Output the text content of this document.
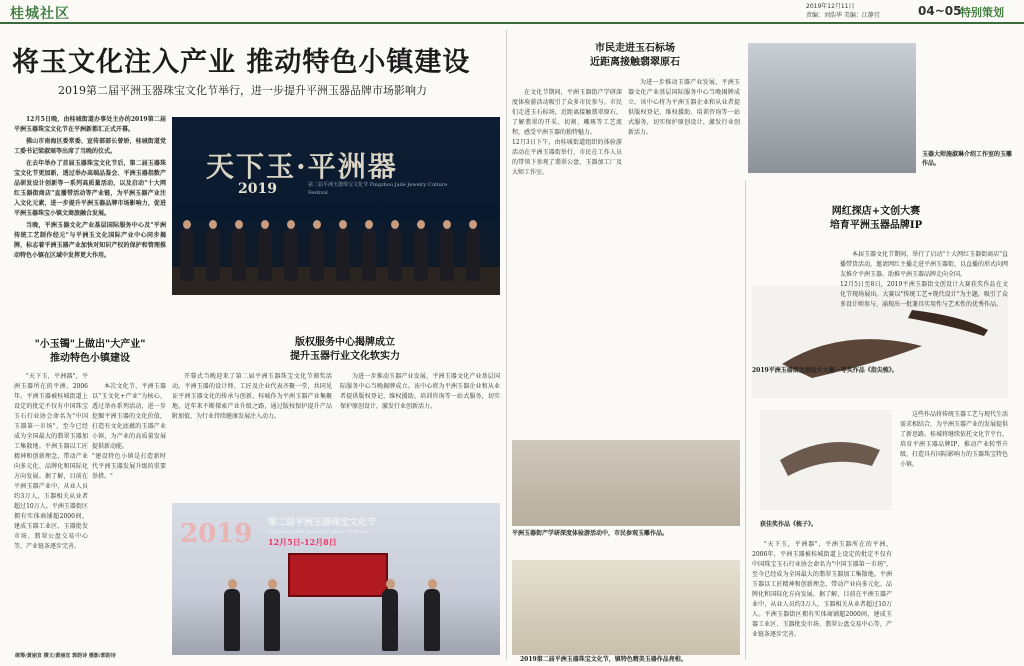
桂城社区	2019年12月11日
责编：刘浩华 美编：江静宜	04~05
特别策划
将玉文化注入产业 推动特色小镇建设
2019第二届平洲玉器珠宝文化节举行，进一步提升平洲玉器品牌市场影响力

12月5日晚，由桂城街道办事处主办的2019第二届平洲玉器珠宝文化节在平洲新都汇正式开幕。

佛山市南海区委常委、宣传部部长曾娇，桂城街道党工委书记梁淑瑶等出席了当晚的仪式。

在去年举办了首届玉器珠宝文化节后，第二届玉器珠宝文化节更加新，透过举办高端品鉴会、平洲玉器指数产品研发设计创新等一系列高质量活动，以及启动"十大网红玉器街商店"直播带活动等产业链，为平洲玉器产业注入文化元素，进一步提升平洲玉器品牌市场影响力，促进平洲玉器珠宝小镇文商旅融合发展。

当晚，平洲玉器文化产业基层国际服务中心及"平洲传统工艺制作经元"与平洲玉文化国际产业中心同步揭牌，标志着平洲玉器产业加快对知识产权的保护和管理推动特色小镇在区域中发挥更大作用。

天下玉·平洲器
2019	第二届平洲玉器珠宝文化节 Pingzhou Jade Jewelry Culture Festival
"小玉镯"上做出"大产业"
推动特色小镇建设

"天下玉，平洲器"，平洲玉器所在的平洲，2006年，平洲玉器被桂城街道上设定的批定不仅有中国珠宝玉石行业协会命名为"中国玉器第一市场"，至今已经成为全国最大的翡翠玉器加工集散地。平洲玉器以工匠精神和创新理念，带动产业向多元化、品牌化和国际化方向发展。据了解，目前在平洲玉器产业中，从业人员约3万人，玉器相关从业者超过10万人。平洲玉器街区拥有实体商铺超2000间，建成玉器工业区、玉器批发市场、翡翠公盘交易中心等，产业链条逐步完善。

本次文化节，平洲玉器以"玉文化+产业"为核心，透过举办系列活动，进一步挖掘平洲玉器的文化价值，打造有文化底蕴的玉器产业小镇，为产业的高质量发展提供新动能。
"建设特色小镇是打造新时代平洲玉器发展升级的重要举措。"

版权服务中心揭牌成立
提升玉器行业文化软实力

开幕式当晚迎来了第二届平洲玉器珠宝文化节颁奖活动。平洲玉器的设计师、工匠及企业代表齐聚一堂，共同见证平洲玉器文化的传承与创新。桂城作为平洲玉器产业集聚地，近年来不断探索产业升级之路，通过版权保护提升产品附加值，为行业持续健康发展注入动力。

为进一步推动玉器产业发展，平洲玉器文化产业基层国际服务中心当晚揭牌成立。该中心将为平洲玉器企业和从业者提供版权登记、维权援助、培训咨询等一站式服务，切实保护原创设计，激发行业创新活力。

2019 第二届平洲玉器珠宝文化节
Pingzhou Jade Jewelry Culture Festival
12月5日-12月8日
市民走进玉石标场
近距离接触翡翠原石

在文化节期间，平洲玉器街产学研深度体验游活动吸引了众多市民参与。市民们走进玉石标场，近距离接触翡翠原石，了解翡翠的开采、切割、雕琢等工艺流程，感受平洲玉器的独特魅力。
12月3日下午，由桂城街道组织的体验游活动在平洲玉器街举行，市民在工作人员的带领下参观了翡翠公盘、玉器加工厂及大师工作室。

为进一步推动玉器产业发展，平洲玉器文化产业基层国际服务中心当晚揭牌成立。该中心将为平洲玉器企业和从业者提供版权登记、维权援助、培训咨询等一站式服务，切实保护原创设计，激发行业创新活力。

平洲玉器街产学研深度体验游活动中，市民参观玉雕作品。
2019第二届平洲玉器珠宝文化节，镇特色精美玉器作品亮相。
玉器大师施淑琳介绍工作室的玉雕作品。
网红探店+文创大赛
培育平洲玉器品牌IP
2019平洲玉器街文创设计大赛一等奖作品《指尖梳》。
获佳奖作品《梳子》。

本届玉器文化节期间，举行了启动"十大网红玉器街商店"直播带货活动，邀请网红主播走进平洲玉器街，以直播的形式向网友推介平洲玉器，助推平洲玉器品牌走向全国。
12月5日至8日，2019平洲玉器街文创设计大赛获奖作品在文化节现场展出。大赛以"传统工艺+现代设计"为主题，吸引了众多设计师参与，涌现出一批兼具实用性与艺术性的优秀作品。

这些作品将传统玉器工艺与现代生活需求相结合，为平洲玉器产业的发展提供了新思路。桂城将继续依托文化节平台，培育平洲玉器品牌IP，推动产业转型升级，打造具有国际影响力的玉器珠宝特色小镇。

"天下玉，平洲器"，平洲玉器所在的平洲，2006年，平洲玉器被桂城街道上设定的批定不仅有中国珠宝玉石行业协会命名为"中国玉器第一市场"，至今已经成为全国最大的翡翠玉器加工集散地。平洲玉器以工匠精神和创新理念，带动产业向多元化、品牌化和国际化方向发展。据了解，目前在平洲玉器产业中，从业人员约3万人，玉器相关从业者超过10万人。平洲玉器街区拥有实体商铺超2000间，建成玉器工业区、玉器批发市场、翡翠公盘交易中心等，产业链条逐步完善。

统筹/黄丽宜 撰文/黄丽宜 郭韵诗 摄影/郭韵诗
